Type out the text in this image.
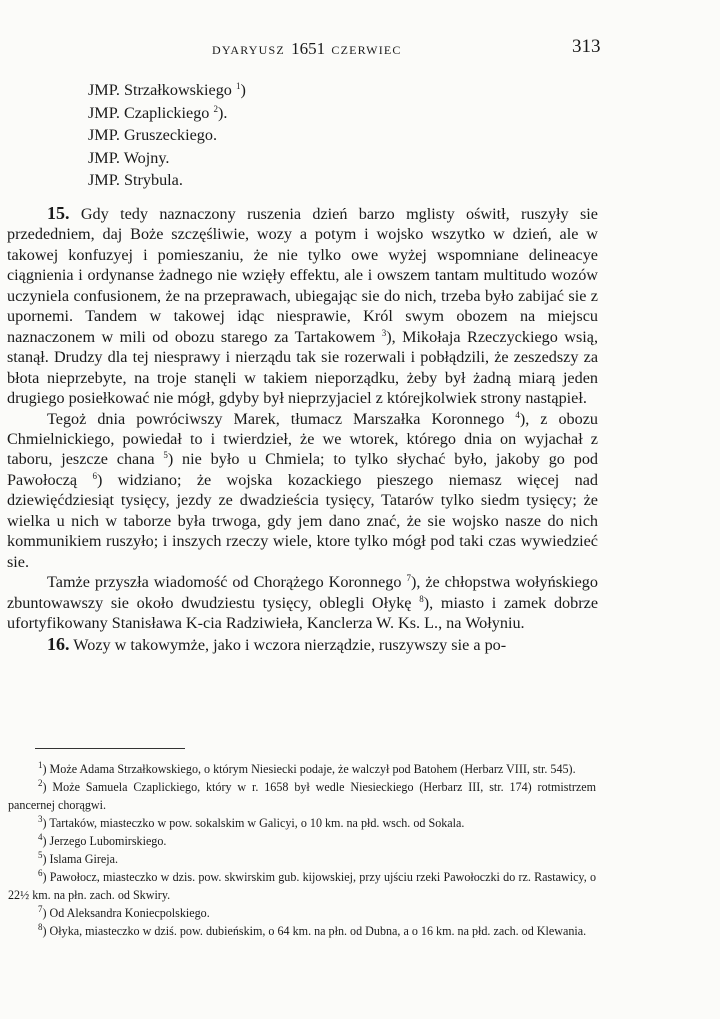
DYARYUSZ 1651 CZERWIEC	313
JMP. Strzałkowskiego $^1$)
JMP. Czaplickiego $^2$).
JMP. Gruszeckiego.
JMP. Wojny.
JMP. Strybula.

15. Gdy tedy naznaczony ruszenia dzień barzo mglisty oświtł, ruszyły sie przededniem, daj Boże szczęśliwie, wozy a potym i wojsko wszytko w dzień, ale w takowej konfuzyej i pomieszaniu, że nie tylko owe wyżej wspomniane delineacye ciągnienia i ordynanse żadnego nie wzięły effektu, ale i owszem tantam multitudo wozów uczyniela confusionem, że na przeprawach, ubiegając sie do nich, trzeba było zabijać sie z upornemi. Tandem w takowej idąc niesprawie, Król swym obozem na miejscu naznaczonem w mili od obozu starego za Tartakowem $^3$), Mikołaja Rzeczyckiego wsią, stanął. Drudzy dla tej niesprawy i nierządu tak sie rozerwali i pobłądzili, że zeszedszy za błota nieprzebyte, na troje stanęli w takiem nieporządku, żeby był żadną miarą jeden drugiego posiełkować nie mógł, gdyby był nieprzyjaciel z którejkolwiek strony nastąpieł.

Tegoż dnia powróciwszy Marek, tłumacz Marszałka Koronnego $^4$), z obozu Chmielnickiego, powiedał to i twierdzieł, że we wtorek, którego dnia on wyjachał z taboru, jeszcze chana $^5$) nie było u Chmiela; to tylko słychać było, jakoby go pod Pawołoczą $^6$) widziano; że wojska kozackiego pieszego niemasz więcej nad dziewięćdziesiąt tysięcy, jezdy ze dwadzieścia tysięcy, Tatarów tylko siedm tysięcy; że wielka u nich w taborze była trwoga, gdy jem dano znać, że sie wojsko nasze do nich kommunikiem ruszyło; i inszych rzeczy wiele, ktore tylko mógł pod taki czas wywiedzieć sie.

Tamże przyszła wiadomość od Chorążego Koronnego $^7$), że chłopstwa wołyńskiego zbuntowawszy sie około dwudziestu tysięcy, oblegli Ołykę $^8$), miasto i zamek dobrze ufortyfikowany Stanisława K-cia Radziwieła, Kanclerza W. Ks. L., na Wołyniu.

16. Wozy w takowymże, jako i wczora nierządzie, ruszywszy sie a po-

$^1$) Może Adama Strzałkowskiego, o którym Niesiecki podaje, że walczył pod Batohem (Herbarz VIII, str. 545).

$^2$) Może Samuela Czaplickiego, który w r. 1658 był wedle Niesieckiego (Herbarz III, str. 174) rotmistrzem pancernej chorągwi.

$^3$) Tartaków, miasteczko w pow. sokalskim w Galicyi, o 10 km. na płd. wsch. od Sokala.

$^4$) Jerzego Lubomirskiego.

$^5$) Islama Gireja.

$^6$) Pawołocz, miasteczko w dzis. pow. skwirskim gub. kijowskiej, przy ujściu rzeki Pawołoczki do rz. Rastawicy, o 22½ km. na płn. zach. od Skwiry.

$^7$) Od Aleksandra Koniecpolskiego.

$^8$) Ołyka, miasteczko w dziś. pow. dubieńskim, o 64 km. na płn. od Dubna, a o 16 km. na płd. zach. od Klewania.
